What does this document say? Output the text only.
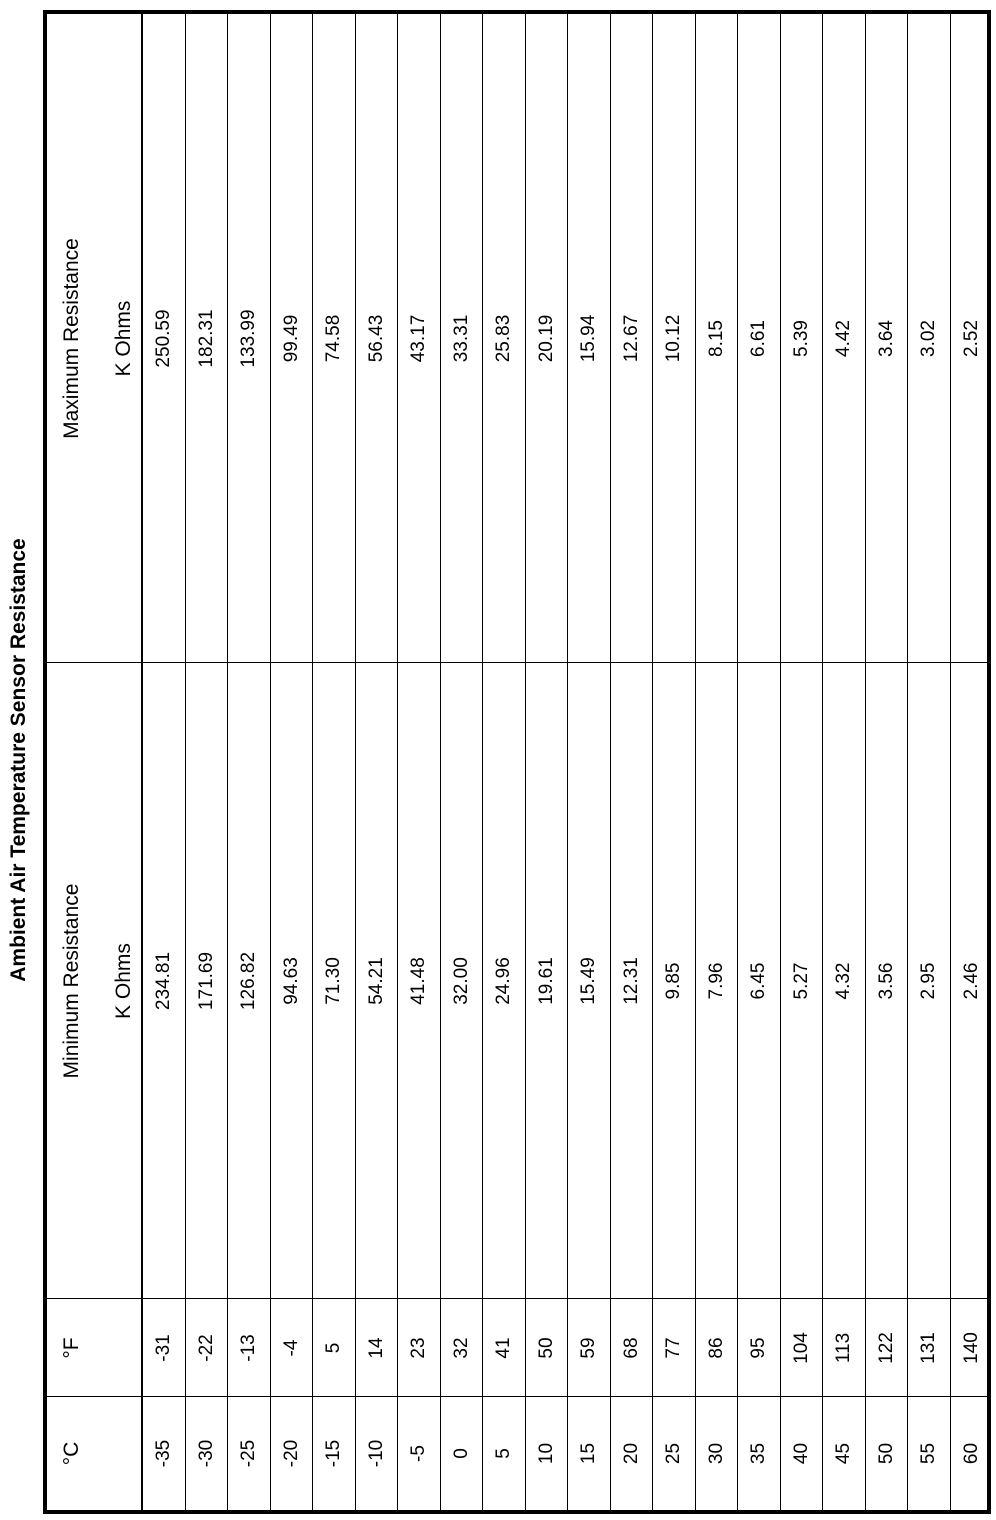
Ambient Air Temperature Sensor Resistance
°C
°F
Minimum Resistance	K Ohms
Maximum Resistance	K Ohms
-35
-31
234.81
250.59
-30
-22
171.69
182.31
-25
-13
126.82
133.99
-20
-4
94.63
99.49
-15
5
71.30
74.58
-10
14
54.21
56.43
-5
23
41.48
43.17
0
32
32.00
33.31
5
41
24.96
25.83
10
50
19.61
20.19
15
59
15.49
15.94
20
68
12.31
12.67
25
77
9.85
10.12
30
86
7.96
8.15
35
95
6.45
6.61
40
104
5.27
5.39
45
113
4.32
4.42
50
122
3.56
3.64
55
131
2.95
3.02
60
140
2.46
2.52
